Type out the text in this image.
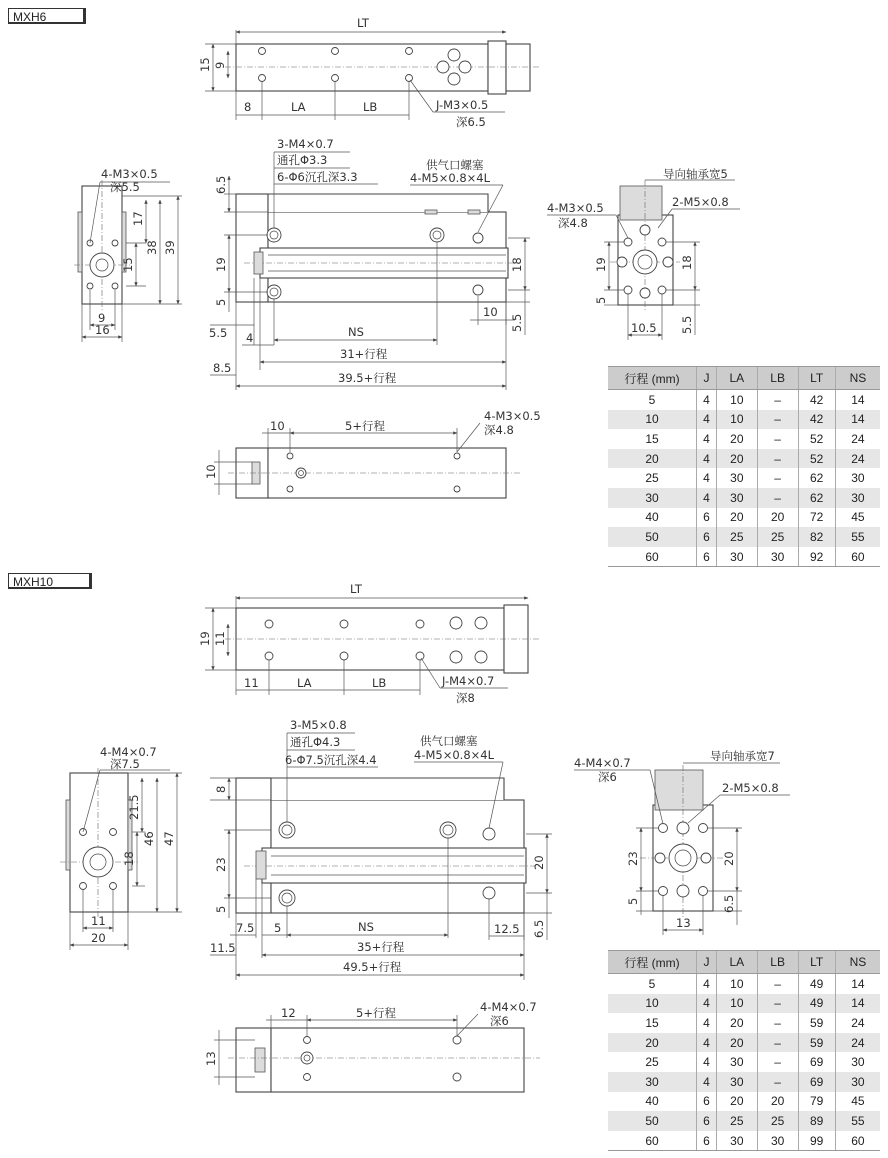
MXH6
MXH10
LT
15 9
8	LA	LB	J-M3×0.5
深6.5
4-M3×0.5
深5.5
39
38
17
15
9
16
3-M4×0.7
通孔Φ3.3
6-Φ6沉孔深3.3
供气口螺塞
4-M5×0.8×4L
6.5
19
5
18
5.5
10
5.5 4	NS
31+行程
8.5
39.5+行程
导向轴承宽5
4-M3×0.5
深4.8
2-M5×0.8
19
5
18
5.5
10.5
10	5+行程
4-M3×0.5
深4.8
10
LT
19 11
11	LA	LB	J-M4×0.7
深8
4-M4×0.7
深7.5
47
46
21.5
18
11
20
3-M5×0.8
通孔Φ4.3
6-Φ7.5沉孔深4.4
供气口螺塞
4-M5×0.8×4L
8
23
5
20
6.5
12.5
7.5 5	NS
35+行程
11.5
49.5+行程
导向轴承宽7
4-M4×0.7
深6
2-M5×0.8
23
5
20
6.5
13
12	5+行程	4-M4×0.7
深6
13
行程 (mm)	J	LA	LB	LT	NS
5	4	10	–	42	14
10	4	10	–	42	14
15	4	20	–	52	24
20	4	20	–	52	24
25	4	30	–	62	30
30	4	30	–	62	30
40	6	20	20	72	45
50	6	25	25	82	55
60	6	30	30	92	60
行程 (mm)	J	LA	LB	LT	NS
5	4	10	–	49	14
10	4	10	–	49	14
15	4	20	–	59	24
20	4	20	–	59	24
25	4	30	–	69	30
30	4	30	–	69	30
40	6	20	20	79	45
50	6	25	25	89	55
60	6	30	30	99	60
